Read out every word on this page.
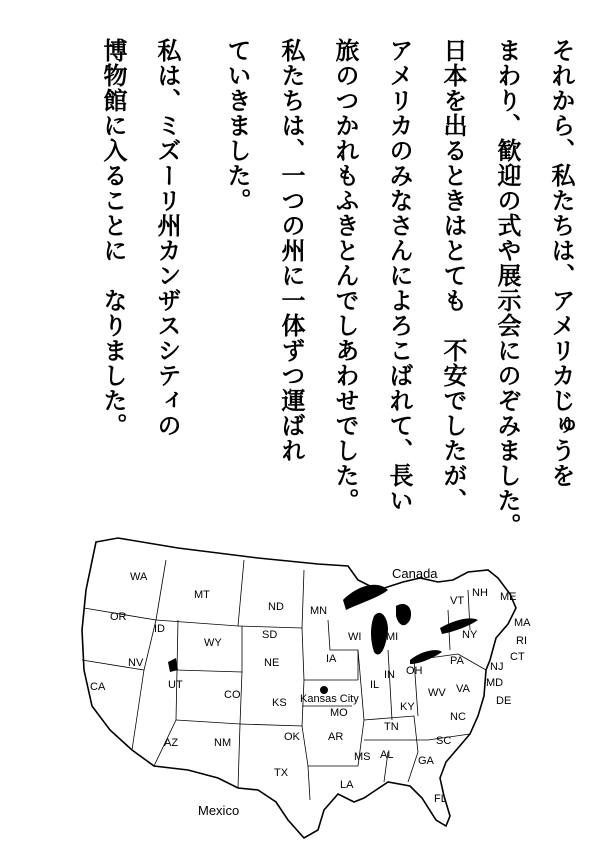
それから、私たちは、アメリカじゅうを
まわり、歓迎の式や展示会にのぞみました。
日本を出るときはとても　不安でしたが、
アメリカのみなさんによろこばれて、長い
旅のつかれもふきとんでしあわせでした。
私たちは、一つの州に一体ずつ運ばれ
ていきました。
私は、ミズーリ州カンザスシティの
博物館に入ることに　なりました。
Canada
Mexico
Kansas City
WA
MT
ND MN
OR
ID
WY
SD	WI MI
NV	NE	IA
IL
IN OH
PA
NY
VT
NH ME
MA
RI
CT
NJ
DE
MD
UT
CO
KS
MO	KY
WV VA
CA
AZ	NM	OK	AR
TN
NC
SC
TX
MS AL GA
LA
FL
